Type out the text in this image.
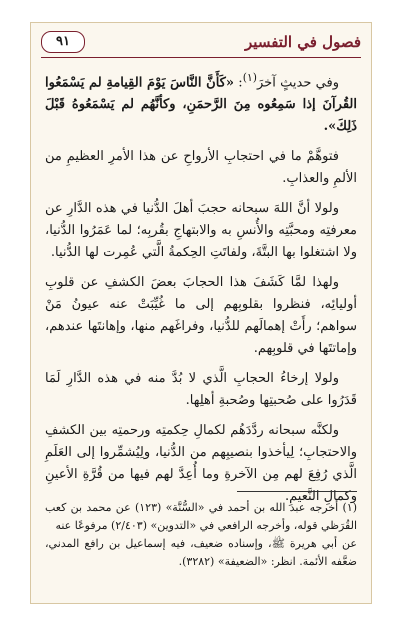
فصول في التفسير
٩١

وفي حديثٍ آخرَ$^{(١)}$: «كَأَنَّ النَّاسَ يَوْمَ القِيامةِ لم يَسْمَعُوا القُرآنَ إذا سَمِعُوه مِنَ الرَّحمَنِ، وكأنَّهُم لم يَسْمَعُوهُ قَبْلَ ذَلِكَ».

فتوهَّمْ ما في احتجابِ الأرواحِ عن هذا الأمرِ العظيمِ من الألمِ والعذابِ.

ولولا أنَّ اللهَ سبحانه حجبَ أهلَ الدُّنيا في هذه الدَّارِ عن معرفتِه ومحبَّتِه والأُنسِ به والابتهاجِ بقُربِه؛ لما عَمَرُوا الدُّنيا، ولا اشتغلوا بها البتَّةَ، ولفاتَتِ الحِكمةُ الَّتي عُمِرت لها الدُّنيا.

ولهذا لمَّا كَشَفَ هذا الحجابَ بعضَ الكشفِ عن قلوبِ أوليائِه، فنظروا بقلوبِهم إلى ما غُيِّبَتْ عنه عيونُ مَنْ سواهم؛ رأَتْ إهمالَهم للدُّنيا، وفراغَهم منها، وإهانتَها عندهم، وإماتتَها في قلوبِهم.

ولولا إرخاءُ الحجابِ الَّذي لا بُدَّ منه في هذه الدَّارِ لَمَا قَدَرُوا على صُحبتِها وصُحبةِ أهلِها.

ولكنَّه سبحانه ردَّدَهُم لكمالِ حِكمتِه ورحمتِه بين الكشفِ والاحتجابِ؛ لِيأخذوا بنصيبِهم من الدُّنيا، ولِيُشمِّروا إلى العَلَمِ الَّذي رُفِعَ لهم مِن الآخرةِ وما أُعِدَّ لهم فيها من قُرَّةِ الأعينِ وكمالِ النَّعيمِ.

(١) أخرجه عبد الله بن أحمد في «السُّنَّة» (١٢٣) عن محمد بن كعب القُرَظي قوله، وأخرجه الرافعي في «التدوين» (٢/٤٠٣) مرفوعًا عنه

عن أبي هريرة ﷺ، وإسناده ضعيف، فيه إسماعيل بن رافع المدني، ضعَّفه الأئمة. انظر: «الضعيفة» (٣٢٨٢).
